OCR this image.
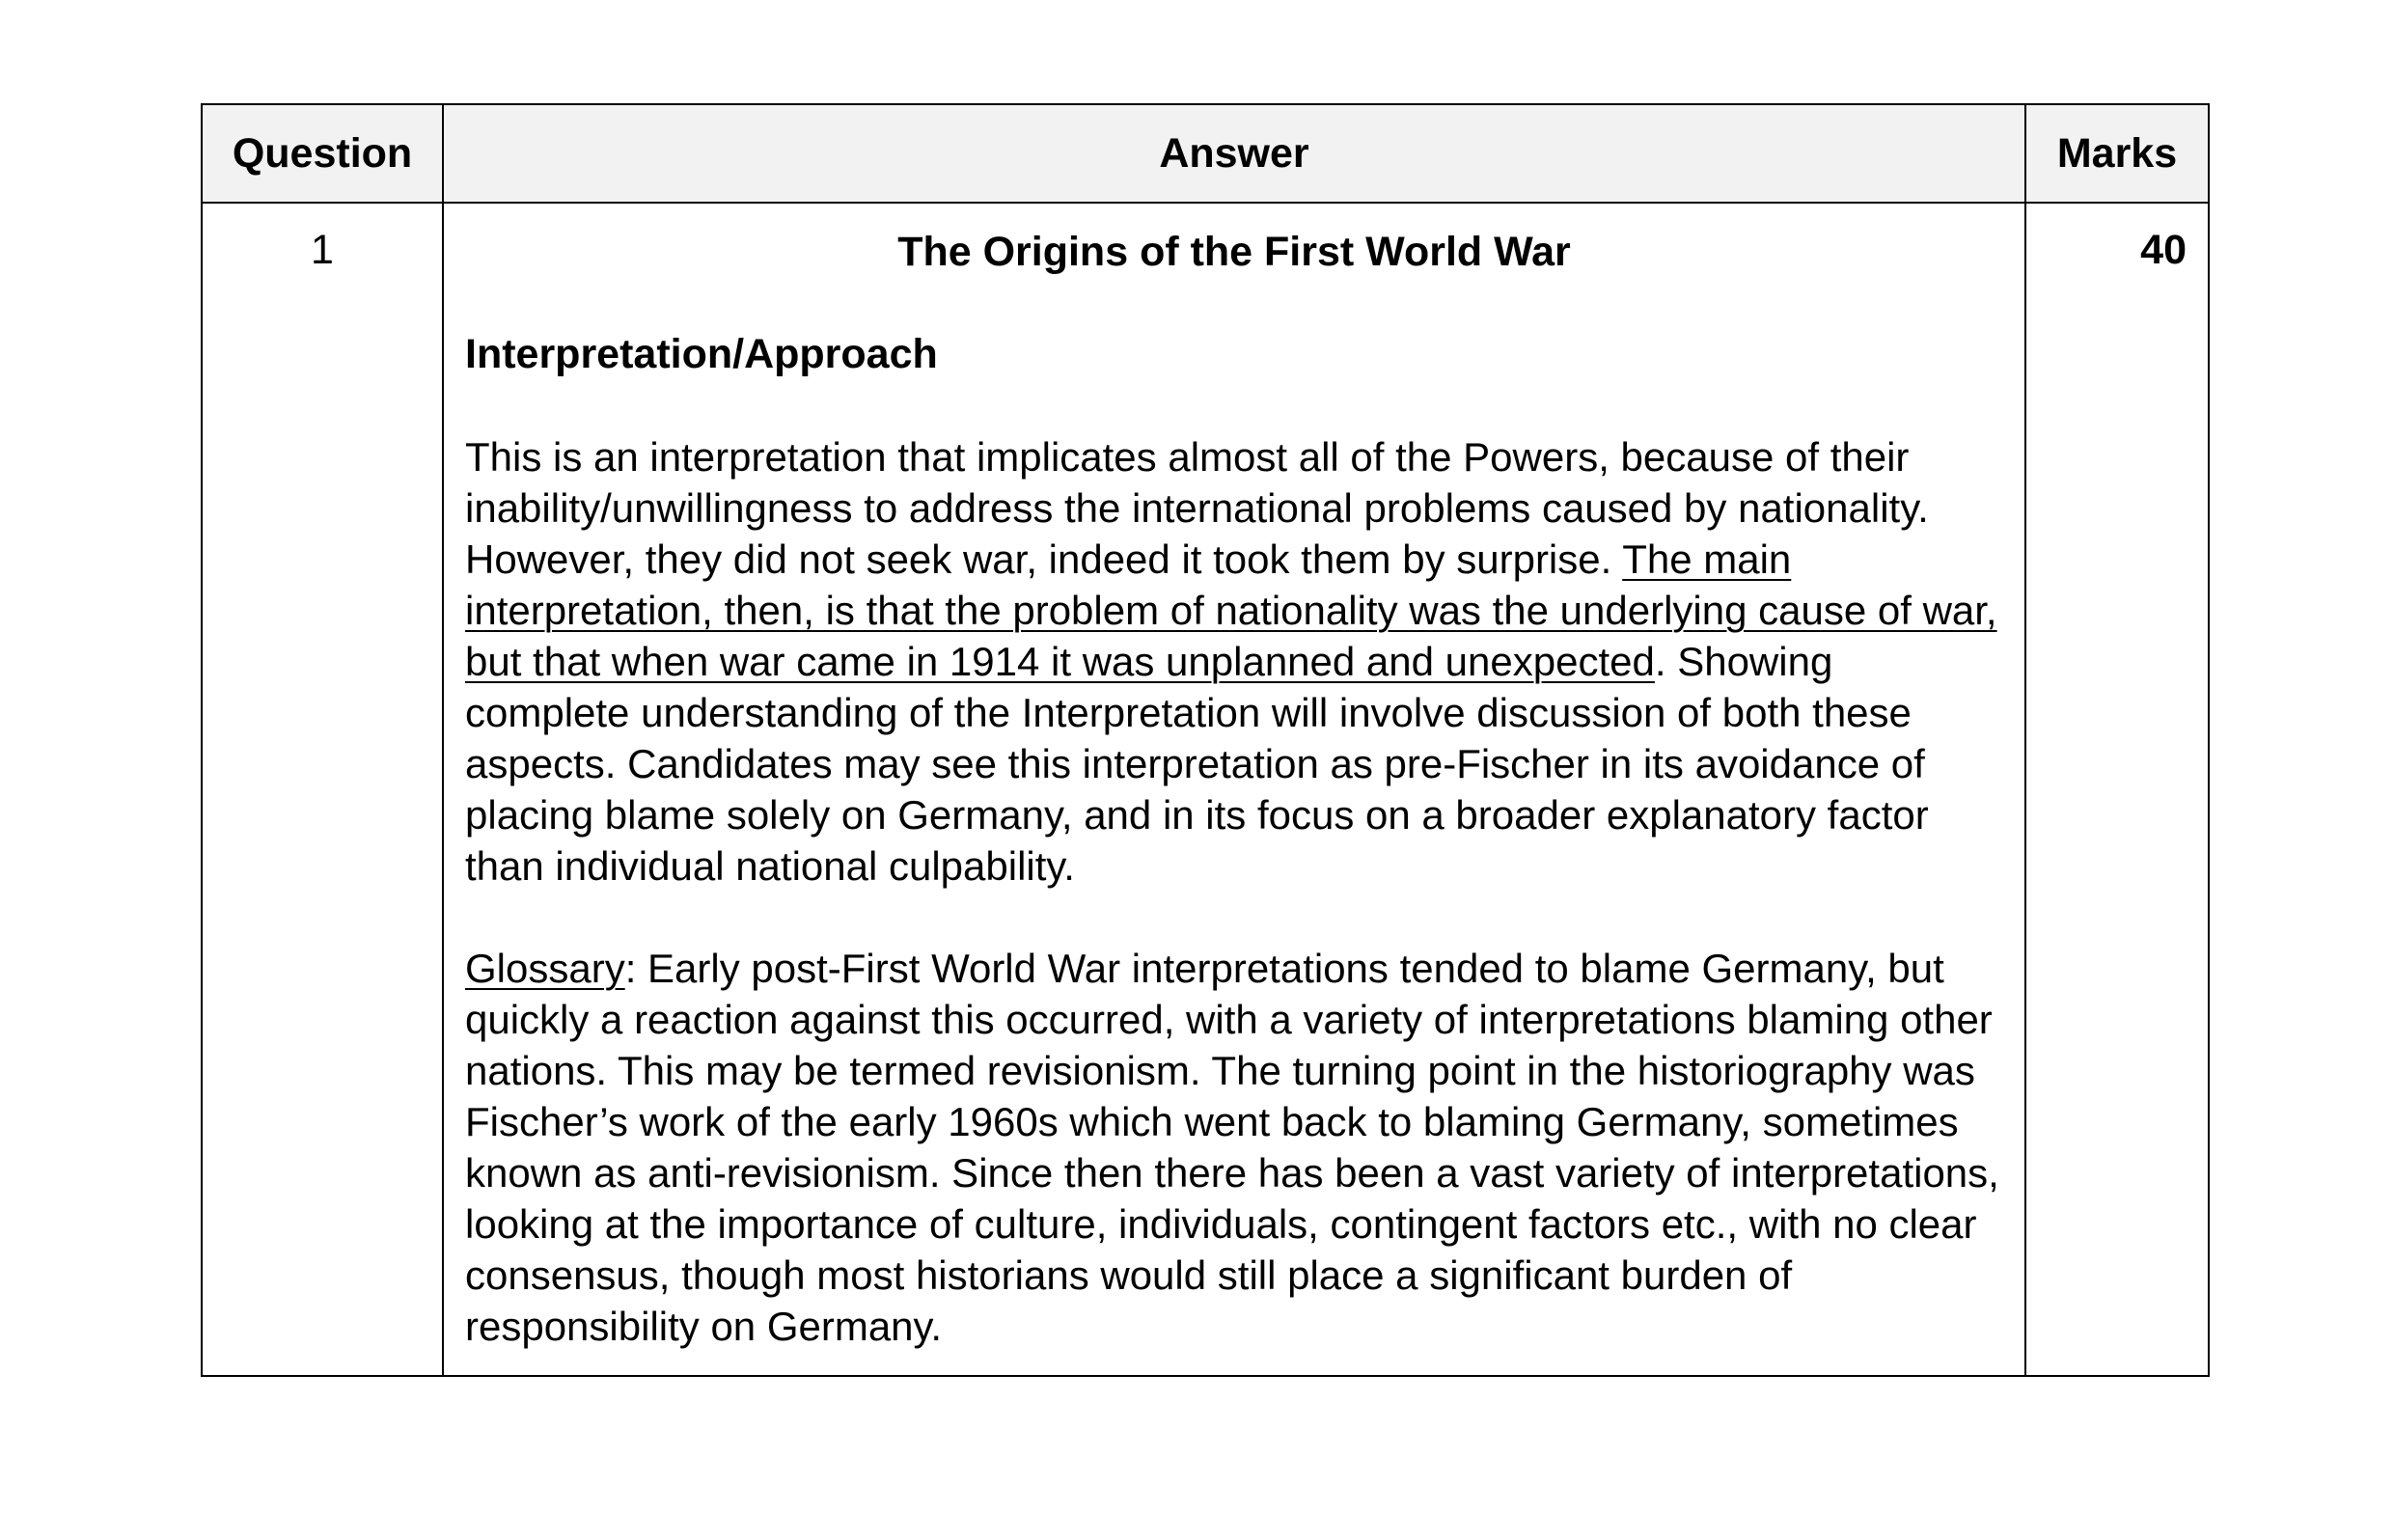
Question	Answer	Marks
1	The Origins of the First World War
Interpretation/Approach

This is an interpretation that implicates almost all of the Powers, because of their inability/unwillingness to address the international problems caused by nationality. However, they did not seek war, indeed it took them by surprise. The main interpretation, then, is that the problem of nationality was the underlying cause of war, but that when war came in 1914 it was unplanned and unexpected. Showing complete understanding of the Interpretation will involve discussion of both these aspects. Candidates may see this interpretation as pre-Fischer in its avoidance of placing blame solely on Germany, and in its focus on a broader explanatory factor than individual national culpability.

Glossary: Early post-First World War interpretations tended to blame Germany, but quickly a reaction against this occurred, with a variety of interpretations blaming other nations. This may be termed revisionism. The turning point in the historiography was Fischer’s work of the early 1960s which went back to blaming Germany, sometimes known as anti-revisionism. Since then there has been a vast variety of interpretations, looking at the importance of culture, individuals, contingent factors etc., with no clear consensus, though most historians would still place a significant burden of responsibility on Germany.	40
